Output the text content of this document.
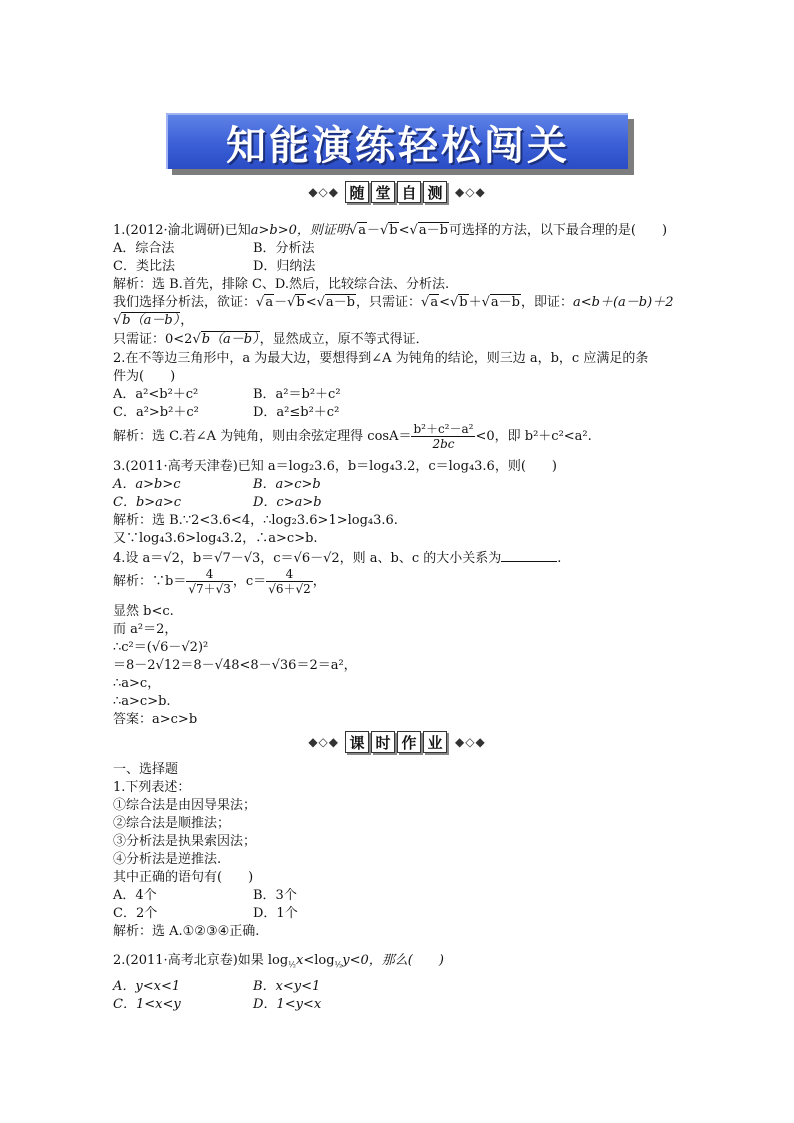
知能演练轻松闯关
◆◇◆ 随 堂 自 测	◆◇◆
1.(2012·渝北调研)已知a>b>0，则证明 √ a－ √ b< √ a－b可选择的方法，以下最合理的是(　　)
A．综合法	B．分析法
C．类比法	D．归纳法
解析：选 B.首先，排除 C、D.然后，比较综合法、分析法.
我们选择分析法，欲证： √ a－ √ b< √ a－b，只需证： √ a< √ b＋ √ a－b，即证：a<b＋(a－b)＋2
√ b（a－b），
只需证：0<2 √ b（a－b），显然成立，原不等式得证．
2.在不等边三角形中，a 为最大边，要想得到∠A 为钝角的结论，则三边 a，b，c 应满足的条
件为(　　)
A．a²<b²＋c²	B．a²＝b²＋c²
C．a²>b²＋c²	D．a²≤b²＋c²
解析：选 C.若∠A 为钝角，则由余弦定理得 $\cos A= \frac{\text{b²＋c²－a²}}{2bc} <0$，即 b²＋c²<a².
3.(2011·高考天津卷)已知 a＝log₂3.6，b＝log₄3.2，c＝log₄3.6，则(　　)
A．a>b>c	B．a>c>b
C．b>a>c	D．c>a>b
解析：选 B.∵2<3.6<4，∴log₂3.6>1>log₄3.6.
又∵log₄3.6>log₄3.2，∴a>c>b.
4.设 a＝√2，b＝√7－√3，c＝√6－√2，则 a、b、c 的大小关系为	.
解析：∵b＝ $\frac{4}{√7+√3}$ ，$c= \frac{4}{√6+√2}$ ，
显然 b<c.
而 a²＝2，
∴c²＝(√6－√2)²
＝8－2√12＝8－√48<8－√36＝2＝a²，
∴a>c，
∴a>c>b.
答案：a>c>b
◆◇◆ 课 时 作 业	◆◇◆
一、选择题
1.下列表述：
①综合法是由因导果法；
②综合法是顺推法；
③分析法是执果索因法；
④分析法是逆推法.
其中正确的语句有(　　)
A．4个	B．3个
C．2个	D．1个
解析：选 A.①②③④正确.
2.(2011·高考北京卷)如果 $\log_{\frac{1}{2}}x<\log_{\frac{1}{2}}y<0$，那么(　　)
A．y<x<1	B．x<y<1
C．1<x<y	D．1<y<x
